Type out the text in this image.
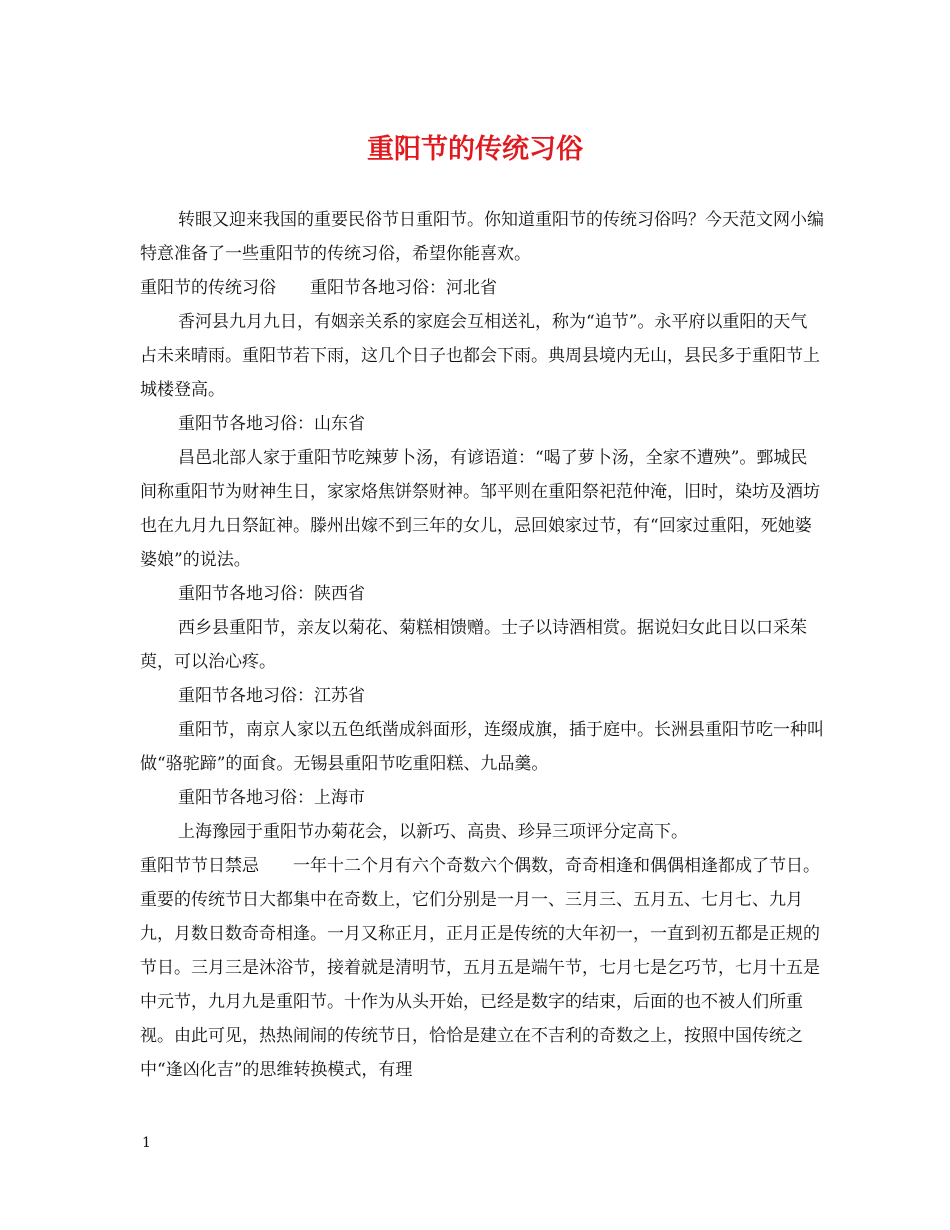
重阳节的传统习俗

转眼又迎来我国的重要民俗节日重阳节。你知道重阳节的传统习俗吗？今天范文网小编特意准备了一些重阳节的传统习俗，希望你能喜欢。

重阳节的传统习俗 重阳节各地习俗：河北省

香河县九月九日，有姻亲关系的家庭会互相送礼，称为“追节”。永平府以重阳的天气占未来晴雨。重阳节若下雨，这几个日子也都会下雨。典周县境内无山，县民多于重阳节上城楼登高。

重阳节各地习俗：山东省

昌邑北部人家于重阳节吃辣萝卜汤，有谚语道：“喝了萝卜汤，全家不遭殃”。鄄城民间称重阳节为财神生日，家家烙焦饼祭财神。邹平则在重阳祭祀范仲淹，旧时，染坊及酒坊也在九月九日祭缸神。滕州出嫁不到三年的女儿，忌回娘家过节，有“回家过重阳，死她婆婆娘”的说法。

重阳节各地习俗：陕西省

西乡县重阳节，亲友以菊花、菊糕相馈赠。士子以诗酒相赏。据说妇女此日以口采茱萸，可以治心疼。

重阳节各地习俗：江苏省

重阳节，南京人家以五色纸凿成斜面形，连缀成旗，插于庭中。长洲县重阳节吃一种叫做“骆驼蹄”的面食。无锡县重阳节吃重阳糕、九品羹。

重阳节各地习俗：上海市

上海豫园于重阳节办菊花会，以新巧、高贵、珍异三项评分定高下。

重阳节节日禁忌 一年十二个月有六个奇数六个偶数，奇奇相逢和偶偶相逢都成了节日。重要的传统节日大都集中在奇数上，它们分别是一月一、三月三、五月五、七月七、九月九，月数日数奇奇相逢。一月又称正月，正月正是传统的大年初一，一直到初五都是正规的节日。三月三是沐浴节，接着就是清明节，五月五是端午节，七月七是乞巧节，七月十五是中元节，九月九是重阳节。十作为从头开始，已经是数字的结束，后面的也不被人们所重视。由此可见，热热闹闹的传统节日，恰恰是建立在不吉利的奇数之上，按照中国传统之中“逢凶化吉”的思维转换模式，有理

1
